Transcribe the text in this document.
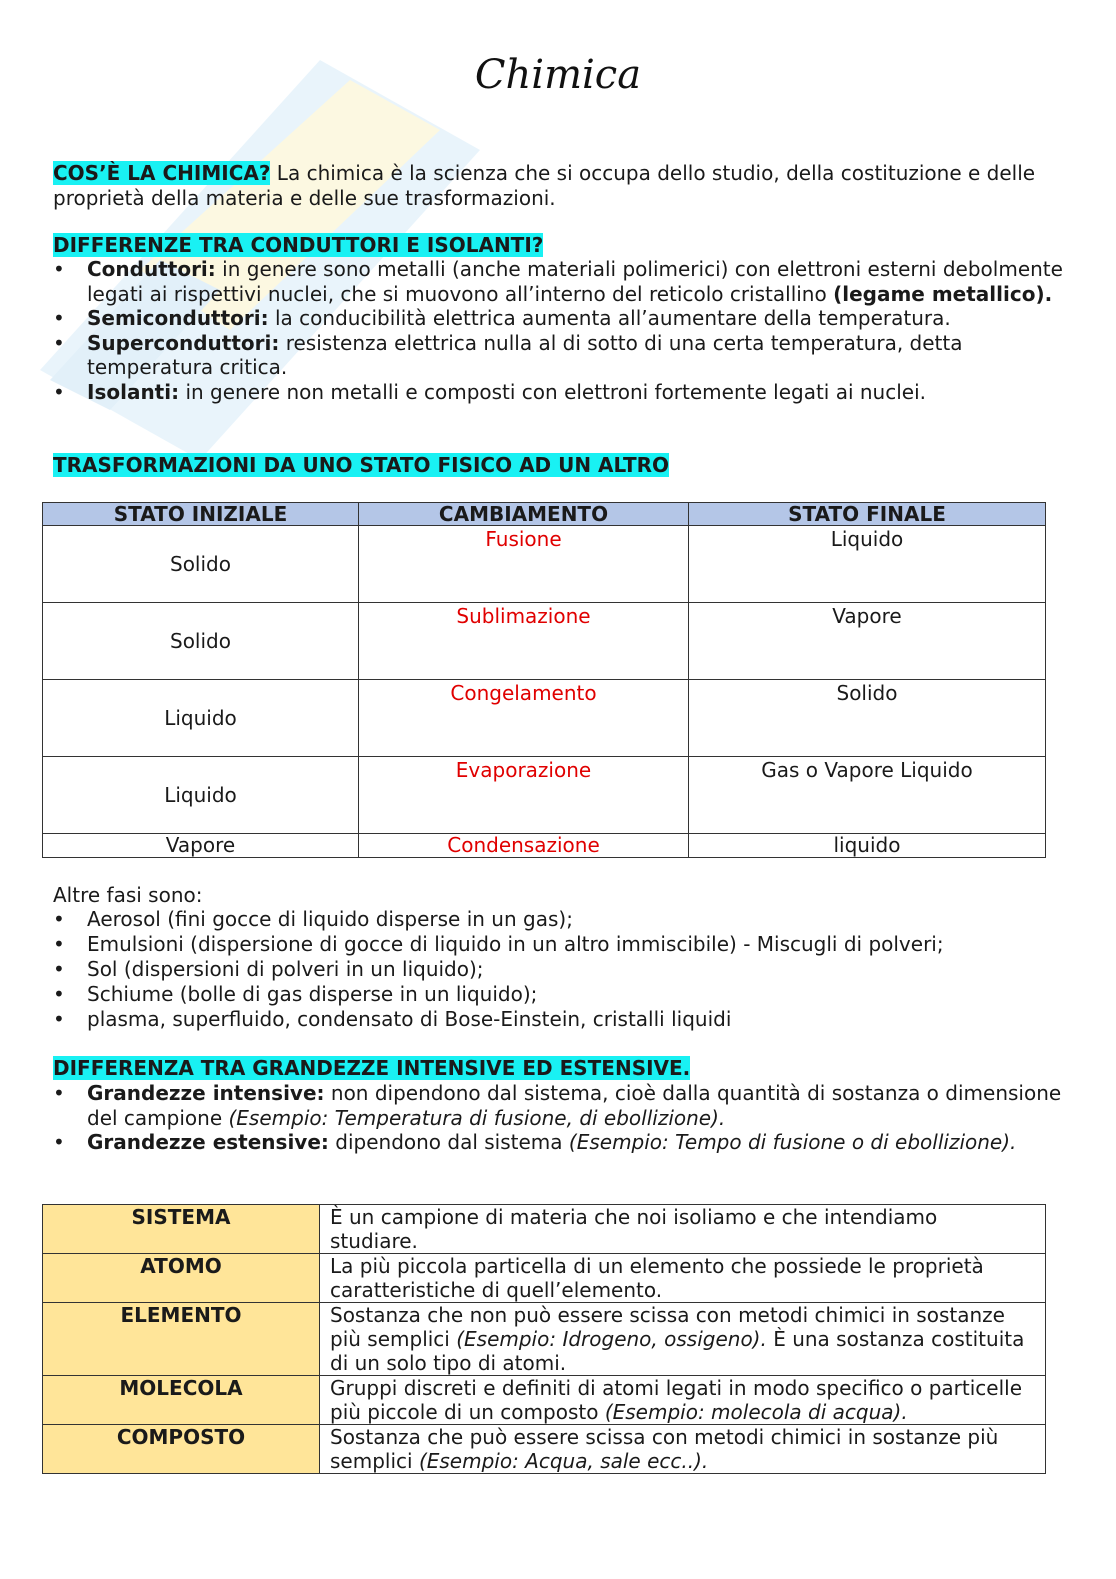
Chimica
COS’È LA CHIMICA? La chimica è la scienza che si occupa dello studio, della costituzione e delle proprietà della materia e delle sue trasformazioni.
DIFFERENZE TRA CONDUTTORI E ISOLANTI?
• Conduttori: in genere sono metalli (anche materiali polimerici) con elettroni esterni debolmente legati ai rispettivi nuclei, che si muovono all’interno del reticolo cristallino (legame metallico).
• Semiconduttori: la conducibilità elettrica aumenta all’aumentare della temperatura.
• Superconduttori: resistenza elettrica nulla al di sotto di una certa temperatura, detta temperatura critica.
• Isolanti: in genere non metalli e composti con elettroni fortemente legati ai nuclei.
TRASFORMAZIONI DA UNO STATO FISICO AD UN ALTRO
STATO INIZIALE	CAMBIAMENTO	STATO FINALE

Solido	Fusione	Liquido

Solido	Sublimazione	Vapore

Liquido	Congelamento	Solido

Liquido	Evaporazione	Gas o Vapore Liquido

Vapore	Condensazione	liquido
Altre fasi sono:
• Aerosol (fini gocce di liquido disperse in un gas);
• Emulsioni (dispersione di gocce di liquido in un altro immiscibile) - Miscugli di polveri;
• Sol (dispersioni di polveri in un liquido);
• Schiume (bolle di gas disperse in un liquido);
• plasma, superfluido, condensato di Bose-Einstein, cristalli liquidi
DIFFERENZA TRA GRANDEZZE INTENSIVE ED ESTENSIVE.
• Grandezze intensive: non dipendono dal sistema, cioè dalla quantità di sostanza o dimensione del campione (Esempio: Temperatura di fusione, di ebollizione).
• Grandezze estensive: dipendono dal sistema (Esempio: Tempo di fusione o di ebollizione).
SISTEMA	È un campione di materia che noi isoliamo e che intendiamo studiare.
ATOMO	La più piccola particella di un elemento che possiede le proprietà caratteristiche di quell’elemento.
ELEMENTO	Sostanza che non può essere scissa con metodi chimici in sostanze più semplici (Esempio: Idrogeno, ossigeno). È una sostanza costituita di un solo tipo di atomi.
MOLECOLA	Gruppi discreti e definiti di atomi legati in modo specifico o particelle più piccole di un composto (Esempio: molecola di acqua).
COMPOSTO	Sostanza che può essere scissa con metodi chimici in sostanze più semplici (Esempio: Acqua, sale ecc..).
